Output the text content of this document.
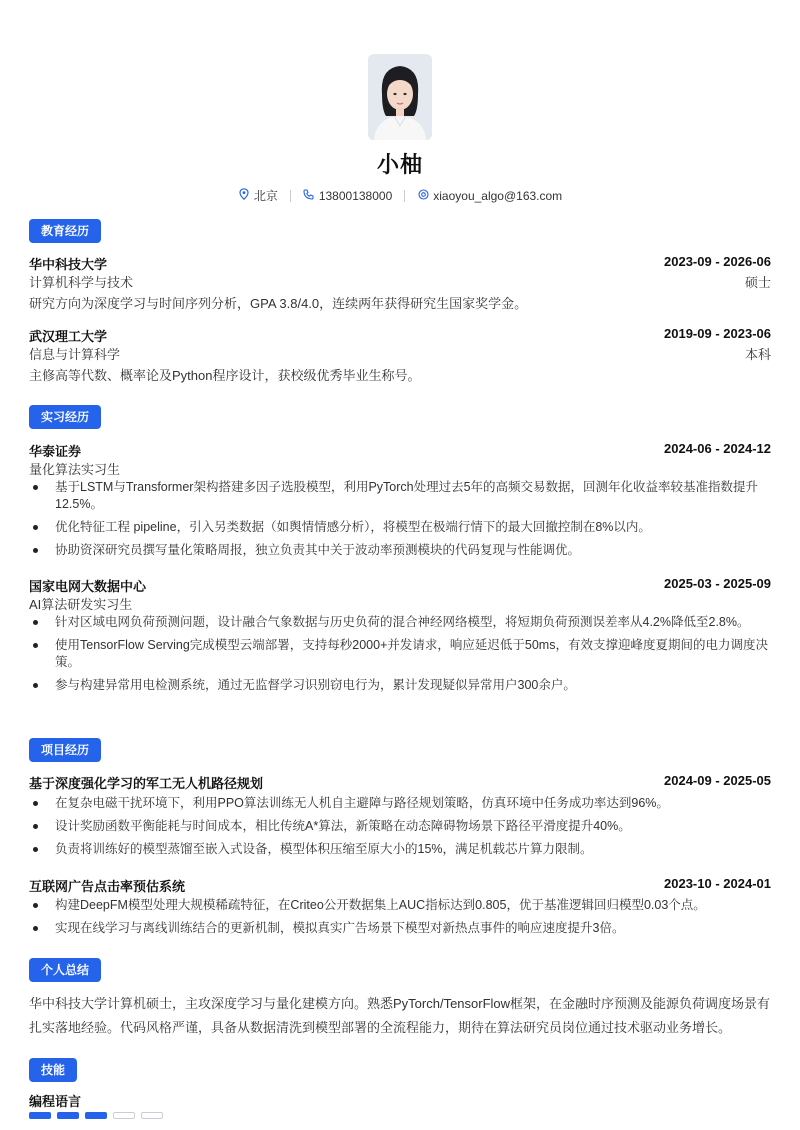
小柚
北京	13800138000	xiaoyou_algo@163.com
教育经历
华中科技大学	2023-09 - 2026-06
计算机科学与技术	硕士
研究方向为深度学习与时间序列分析，GPA 3.8/4.0，连续两年获得研究生国家奖学金。
武汉理工大学	2019-09 - 2023-06
信息与计算科学	本科
主修高等代数、概率论及Python程序设计，获校级优秀毕业生称号。
实习经历
华泰证券	2024-06 - 2024-12
量化算法实习生
基于LSTM与Transformer架构搭建多因子选股模型，利用PyTorch处理过去5年的高频交易数据，回测年化收益率较基准指数提升12.5%。
优化特征工程 pipeline，引入另类数据（如舆情情感分析），将模型在极端行情下的最大回撤控制在8%以内。
协助资深研究员撰写量化策略周报，独立负责其中关于波动率预测模块的代码复现与性能调优。
国家电网大数据中心	2025-03 - 2025-09
AI算法研发实习生
针对区域电网负荷预测问题，设计融合气象数据与历史负荷的混合神经网络模型，将短期负荷预测误差率从4.2%降低至2.8%。
使用TensorFlow Serving完成模型云端部署，支持每秒2000+并发请求，响应延迟低于50ms，有效支撑迎峰度夏期间的电力调度决策。
参与构建异常用电检测系统，通过无监督学习识别窃电行为，累计发现疑似异常用户300余户。
项目经历
基于深度强化学习的军工无人机路径规划	2024-09 - 2025-05
在复杂电磁干扰环境下，利用PPO算法训练无人机自主避障与路径规划策略，仿真环境中任务成功率达到96%。
设计奖励函数平衡能耗与时间成本，相比传统A*算法，新策略在动态障碍物场景下路径平滑度提升40%。
负责将训练好的模型蒸馏至嵌入式设备，模型体积压缩至原大小的15%，满足机载芯片算力限制。
互联网广告点击率预估系统	2023-10 - 2024-01
构建DeepFM模型处理大规模稀疏特征，在Criteo公开数据集上AUC指标达到0.805，优于基准逻辑回归模型0.03个点。
实现在线学习与离线训练结合的更新机制，模拟真实广告场景下模型对新热点事件的响应速度提升3倍。
个人总结
华中科技大学计算机硕士，主攻深度学习与量化建模方向。熟悉PyTorch/TensorFlow框架，在金融时序预测及能源负荷调度场景有扎实落地经验。代码风格严谨，具备从数据清洗到模型部署的全流程能力，期待在算法研究员岗位通过技术驱动业务增长。
技能
编程语言
